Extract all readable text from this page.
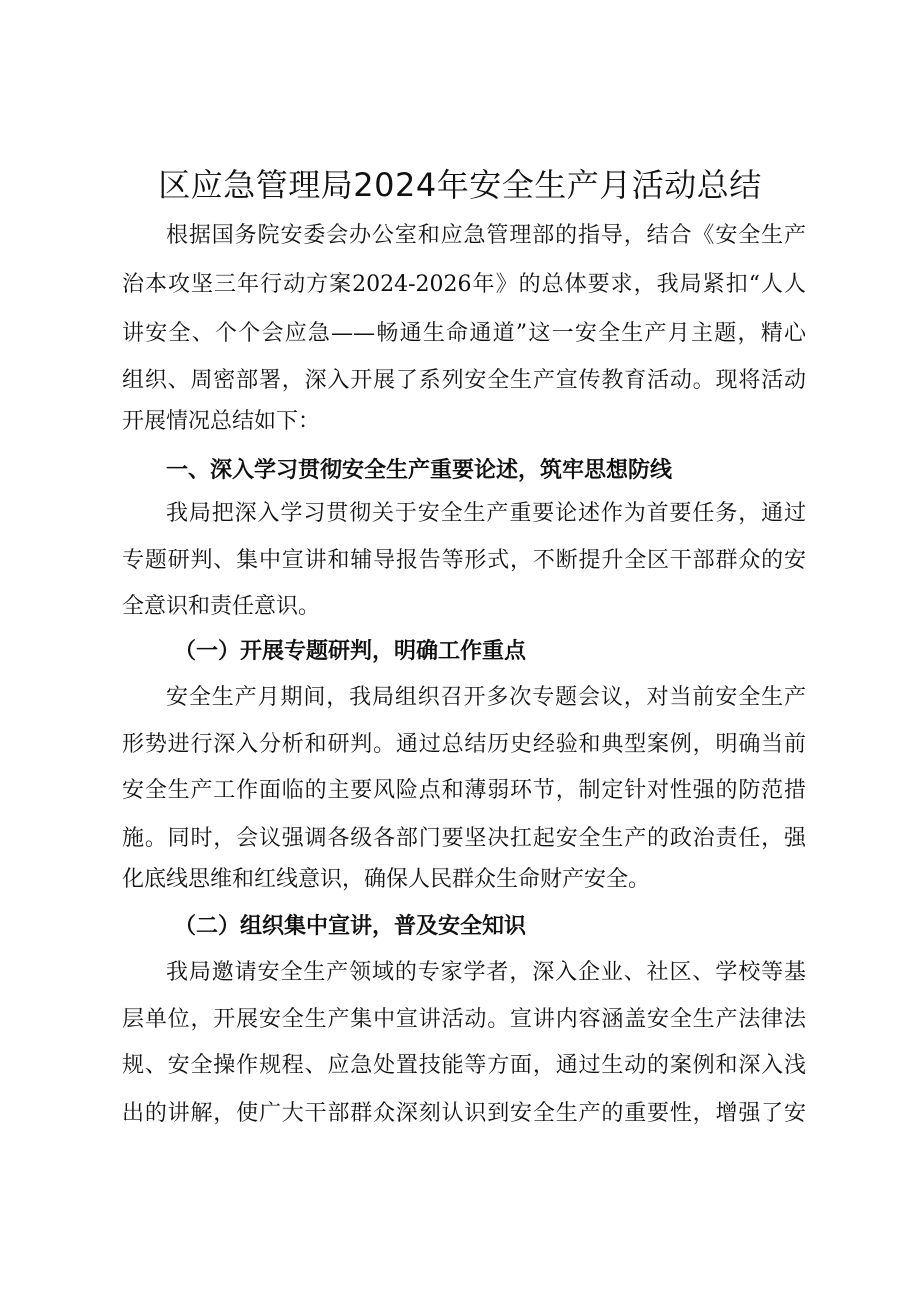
区应急管理局2024年安全生产月活动总结
根据国务院安委会办公室和应急管理部的指导，结合《安全生产
治本攻坚三年行动方案2024-2026年》的总体要求，我局紧扣“人人
讲安全、个个会应急——畅通生命通道”这一安全生产月主题，精心
组织、周密部署，深入开展了系列安全生产宣传教育活动。现将活动
开展情况总结如下：
一、深入学习贯彻安全生产重要论述，筑牢思想防线
我局把深入学习贯彻关于安全生产重要论述作为首要任务，通过
专题研判、集中宣讲和辅导报告等形式，不断提升全区干部群众的安
全意识和责任意识。
（一）开展专题研判，明确工作重点
安全生产月期间，我局组织召开多次专题会议，对当前安全生产
形势进行深入分析和研判。通过总结历史经验和典型案例，明确当前
安全生产工作面临的主要风险点和薄弱环节，制定针对性强的防范措
施。同时，会议强调各级各部门要坚决扛起安全生产的政治责任，强
化底线思维和红线意识，确保人民群众生命财产安全。
（二）组织集中宣讲，普及安全知识
我局邀请安全生产领域的专家学者，深入企业、社区、学校等基
层单位，开展安全生产集中宣讲活动。宣讲内容涵盖安全生产法律法
规、安全操作规程、应急处置技能等方面，通过生动的案例和深入浅
出的讲解，使广大干部群众深刻认识到安全生产的重要性，增强了安
